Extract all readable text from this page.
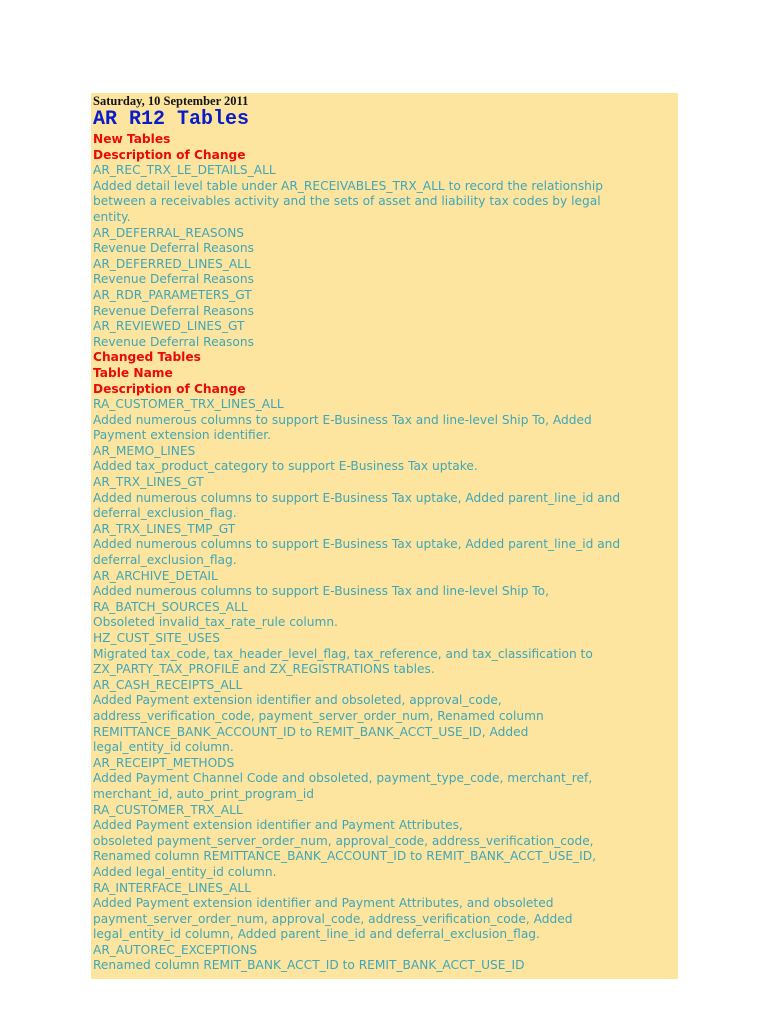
Saturday, 10 September 2011
AR R12 Tables
New Tables
Description of Change
AR_REC_TRX_LE_DETAILS_ALL
Added detail level table under AR_RECEIVABLES_TRX_ALL to record the relationship
between a receivables activity and the sets of asset and liability tax codes by legal
entity.
AR_DEFERRAL_REASONS
Revenue Deferral Reasons
AR_DEFERRED_LINES_ALL
Revenue Deferral Reasons
AR_RDR_PARAMETERS_GT
Revenue Deferral Reasons
AR_REVIEWED_LINES_GT
Revenue Deferral Reasons
Changed Tables
Table Name
Description of Change
RA_CUSTOMER_TRX_LINES_ALL
Added numerous columns to support E-Business Tax and line-level Ship To, Added
Payment extension identifier.
AR_MEMO_LINES
Added tax_product_category to support E-Business Tax uptake.
AR_TRX_LINES_GT
Added numerous columns to support E-Business Tax uptake, Added parent_line_id and
deferral_exclusion_flag.
AR_TRX_LINES_TMP_GT
Added numerous columns to support E-Business Tax uptake, Added parent_line_id and
deferral_exclusion_flag.
AR_ARCHIVE_DETAIL
Added numerous columns to support E-Business Tax and line-level Ship To,
RA_BATCH_SOURCES_ALL
Obsoleted invalid_tax_rate_rule column.
HZ_CUST_SITE_USES
Migrated tax_code, tax_header_level_flag, tax_reference, and tax_classification to
ZX_PARTY_TAX_PROFILE and ZX_REGISTRATIONS tables.
AR_CASH_RECEIPTS_ALL
Added Payment extension identifier and obsoleted, approval_code,
address_verification_code, payment_server_order_num, Renamed column
REMITTANCE_BANK_ACCOUNT_ID to REMIT_BANK_ACCT_USE_ID, Added
legal_entity_id column.
AR_RECEIPT_METHODS
Added Payment Channel Code and obsoleted, payment_type_code, merchant_ref,
merchant_id, auto_print_program_id
RA_CUSTOMER_TRX_ALL
Added Payment extension identifier and Payment Attributes,
obsoleted payment_server_order_num, approval_code, address_verification_code,
Renamed column REMITTANCE_BANK_ACCOUNT_ID to REMIT_BANK_ACCT_USE_ID,
Added legal_entity_id column.
RA_INTERFACE_LINES_ALL
Added Payment extension identifier and Payment Attributes, and obsoleted
payment_server_order_num, approval_code, address_verification_code, Added
legal_entity_id column, Added parent_line_id and deferral_exclusion_flag.
AR_AUTOREC_EXCEPTIONS
Renamed column REMIT_BANK_ACCT_ID to REMIT_BANK_ACCT_USE_ID
